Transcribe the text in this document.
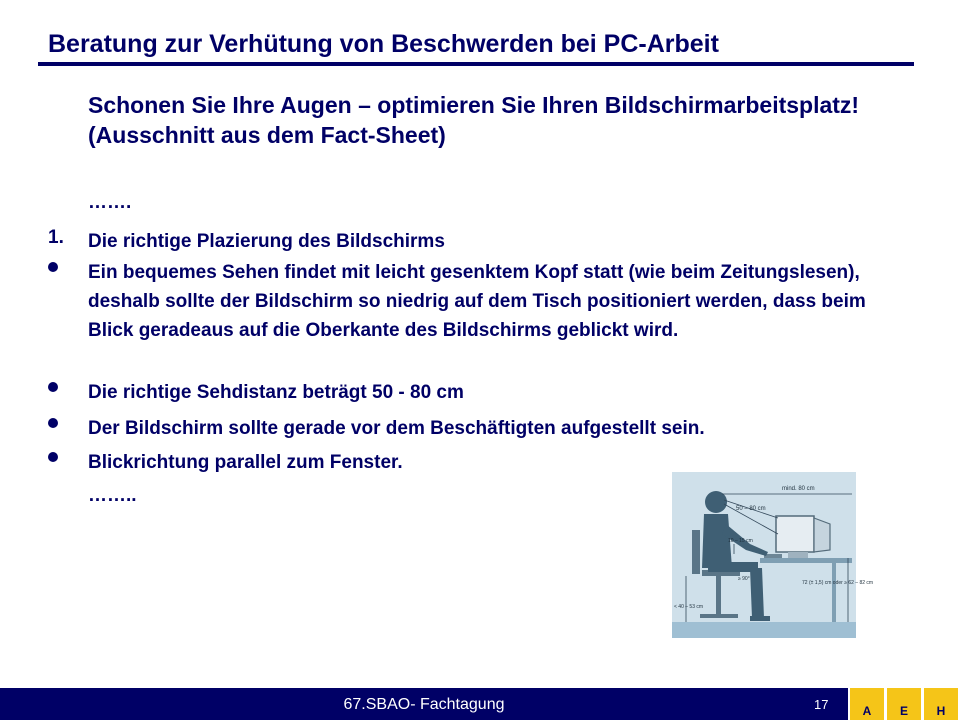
Beratung zur Verhütung von Beschwerden bei PC-Arbeit
Schonen Sie Ihre Augen – optimieren Sie Ihren Bildschirmarbeitsplatz! (Ausschnitt aus dem Fact-Sheet)
…….
1. Die richtige Plazierung des Bildschirms
Ein bequemes Sehen findet mit leicht gesenktem Kopf statt (wie beim Zeitungslesen), deshalb sollte der Bildschirm so niedrig auf dem Tisch positioniert werden, dass beim Blick geradeaus auf die Oberkante des Bildschirms geblickt wird.
Die richtige Sehdistanz beträgt 50 - 80 cm
Der Bildschirm sollte gerade vor dem Beschäftigten aufgestellt sein.
Blickrichtung parallel zum Fenster.
……..	mind. 80 cm
50 – 80 cm
10 – 15 cm
≥ 90°
< 40 – 53 cm
72 (± 1,5) cm oder ≥ 62 – 82 cm
67.SBAO- Fachtagung	17	A	E	H
